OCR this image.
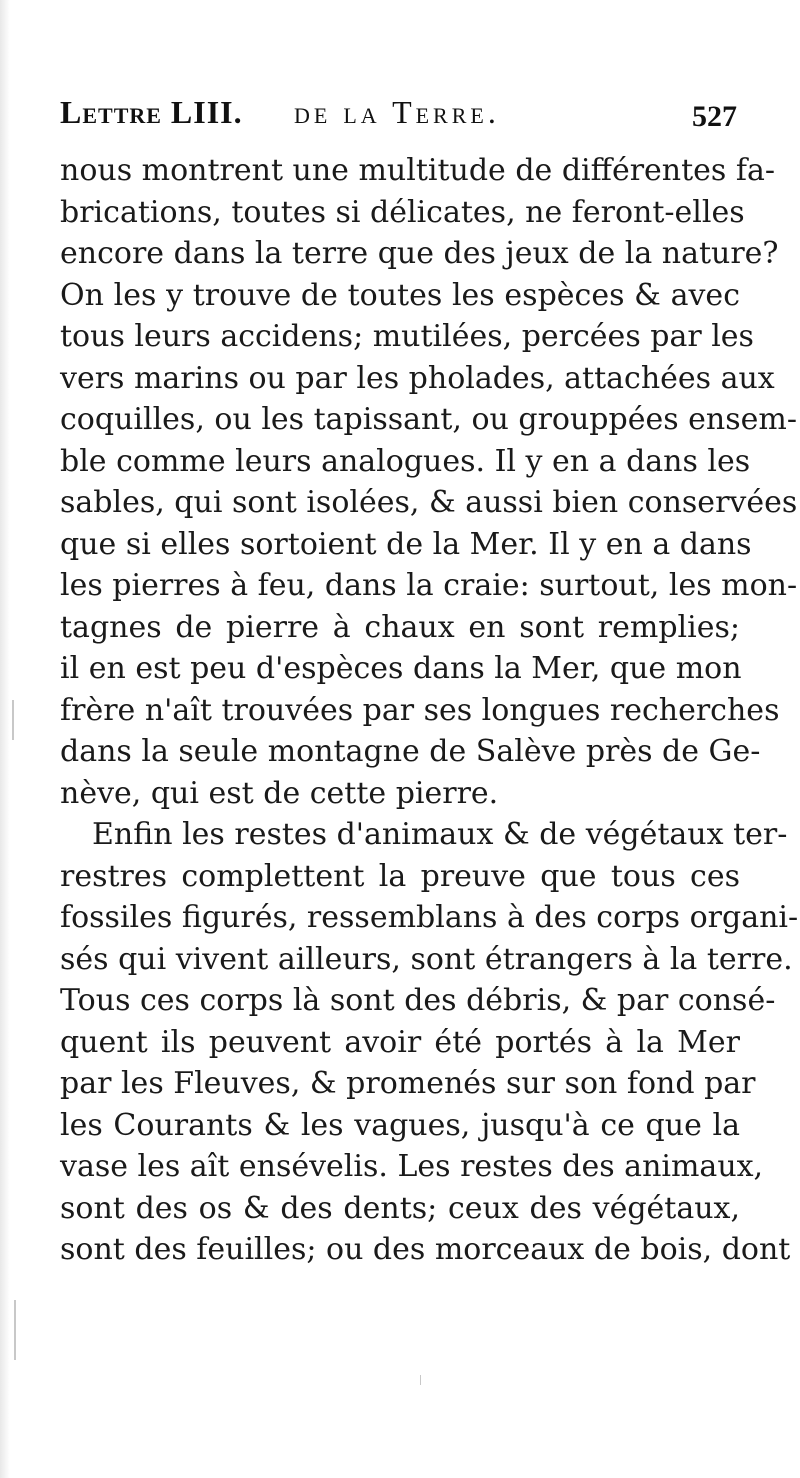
Lettre LIII. de la Terre.	527
nous montrent une multitude de différentes fa-
brications, toutes si délicates, ne feront-elles
encore dans la terre que des jeux de la nature?
On les y trouve de toutes les espèces & avec
tous leurs accidens; mutilées, percées par les
vers marins ou par les pholades, attachées aux
coquilles, ou les tapissant, ou grouppées ensem-
ble comme leurs analogues. Il y en a dans les
sables, qui sont isolées, & aussi bien conservées
que si elles sortoient de la Mer. Il y en a dans
les pierres à feu, dans la craie: surtout, les mon-
tagnes de pierre à chaux en sont remplies;
il en est peu d'espèces dans la Mer, que mon
frère n'aît trouvées par ses longues recherches
dans la seule montagne de Salève près de Ge-
nève, qui est de cette pierre.
Enfin les restes d'animaux & de végétaux ter-
restres complettent la preuve que tous ces
fossiles figurés, ressemblans à des corps organi-
sés qui vivent ailleurs, sont étrangers à la terre.
Tous ces corps là sont des débris, & par consé-
quent ils peuvent avoir été portés à la Mer
par les Fleuves, & promenés sur son fond par
les Courants & les vagues, jusqu'à ce que la
vase les aît ensévelis. Les restes des animaux,
sont des os & des dents; ceux des végétaux,
sont des feuilles; ou des morceaux de bois, dont
